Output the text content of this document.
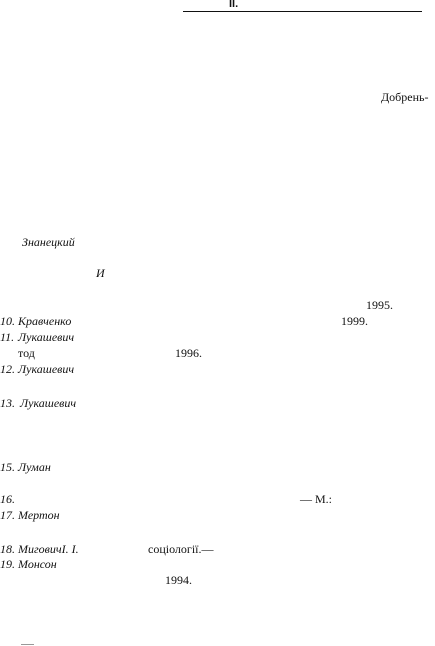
II.
Добрень-
Знанецкий
И
1995.
10. Кравченко	1999.
11. Лукашевич
тод	1996.
12. Лукашевич
13. Лукашевич
15. Луман
16.	— М.:
17. Мертон
18. МиговичІ. І.	соціології.—
19. Монсон
1994.
